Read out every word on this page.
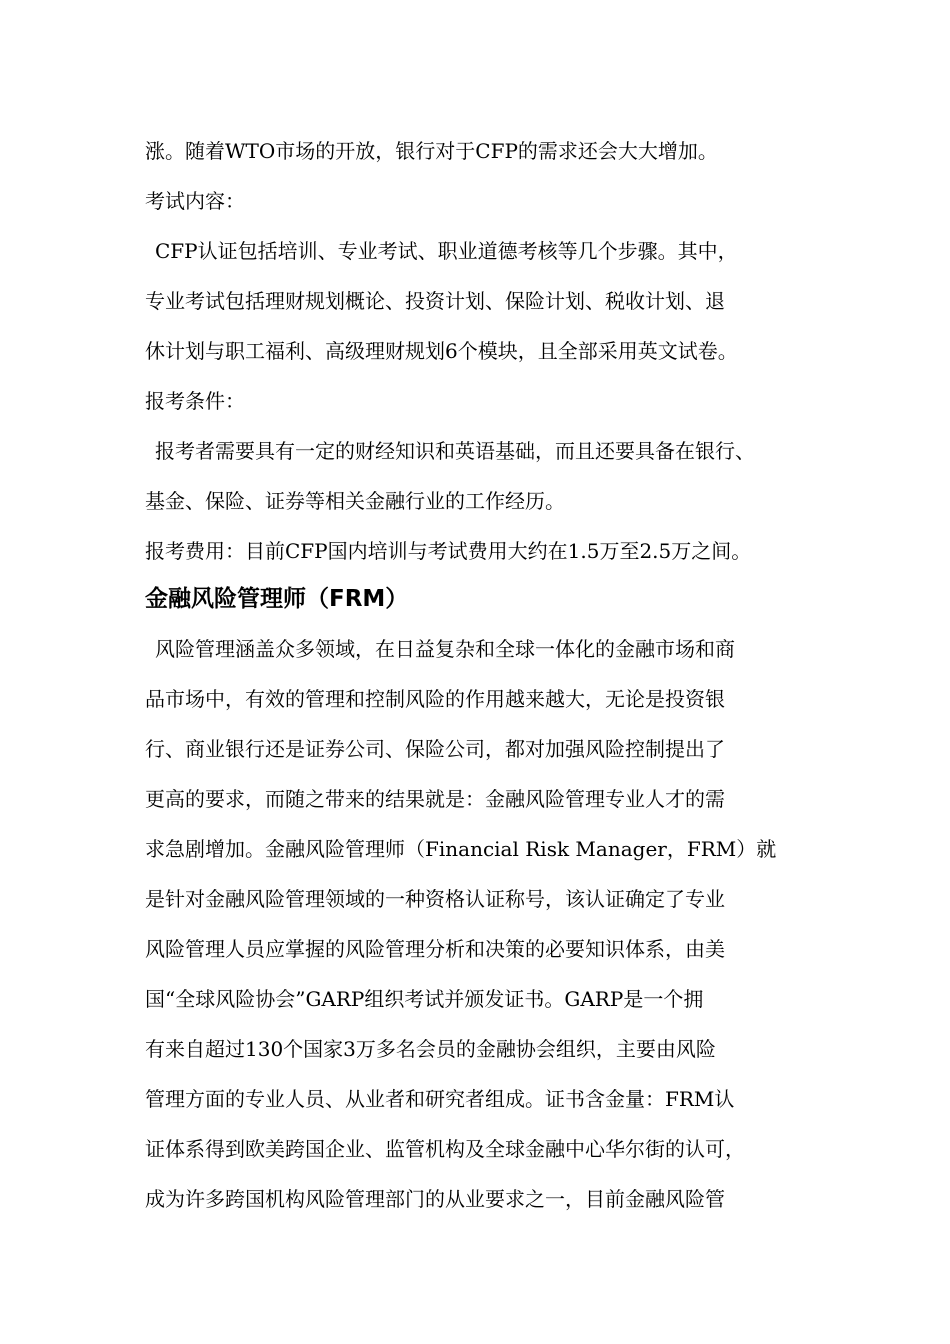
涨。随着WTO市场的开放，银行对于CFP的需求还会大大增加。
考试内容：
CFP认证包括培训、专业考试、职业道德考核等几个步骤。其中，
专业考试包括理财规划概论、投资计划、保险计划、税收计划、退
休计划与职工福利、高级理财规划6个模块，且全部采用英文试卷。
报考条件：
报考者需要具有一定的财经知识和英语基础，而且还要具备在银行、
基金、保险、证券等相关金融行业的工作经历。
报考费用：目前CFP国内培训与考试费用大约在1.5万至2.5万之间。
金融风险管理师（FRM）
风险管理涵盖众多领域，在日益复杂和全球一体化的金融市场和商
品市场中，有效的管理和控制风险的作用越来越大，无论是投资银
行、商业银行还是证券公司、保险公司，都对加强风险控制提出了
更高的要求，而随之带来的结果就是：金融风险管理专业人才的需
求急剧增加。金融风险管理师（Financial Risk Manager，FRM）就
是针对金融风险管理领域的一种资格认证称号，该认证确定了专业
风险管理人员应掌握的风险管理分析和决策的必要知识体系，由美
国“全球风险协会”GARP组织考试并颁发证书。GARP是一个拥
有来自超过130个国家3万多名会员的金融协会组织，主要由风险
管理方面的专业人员、从业者和研究者组成。证书含金量：FRM认
证体系得到欧美跨国企业、监管机构及全球金融中心华尔街的认可，
成为许多跨国机构风险管理部门的从业要求之一，目前金融风险管
